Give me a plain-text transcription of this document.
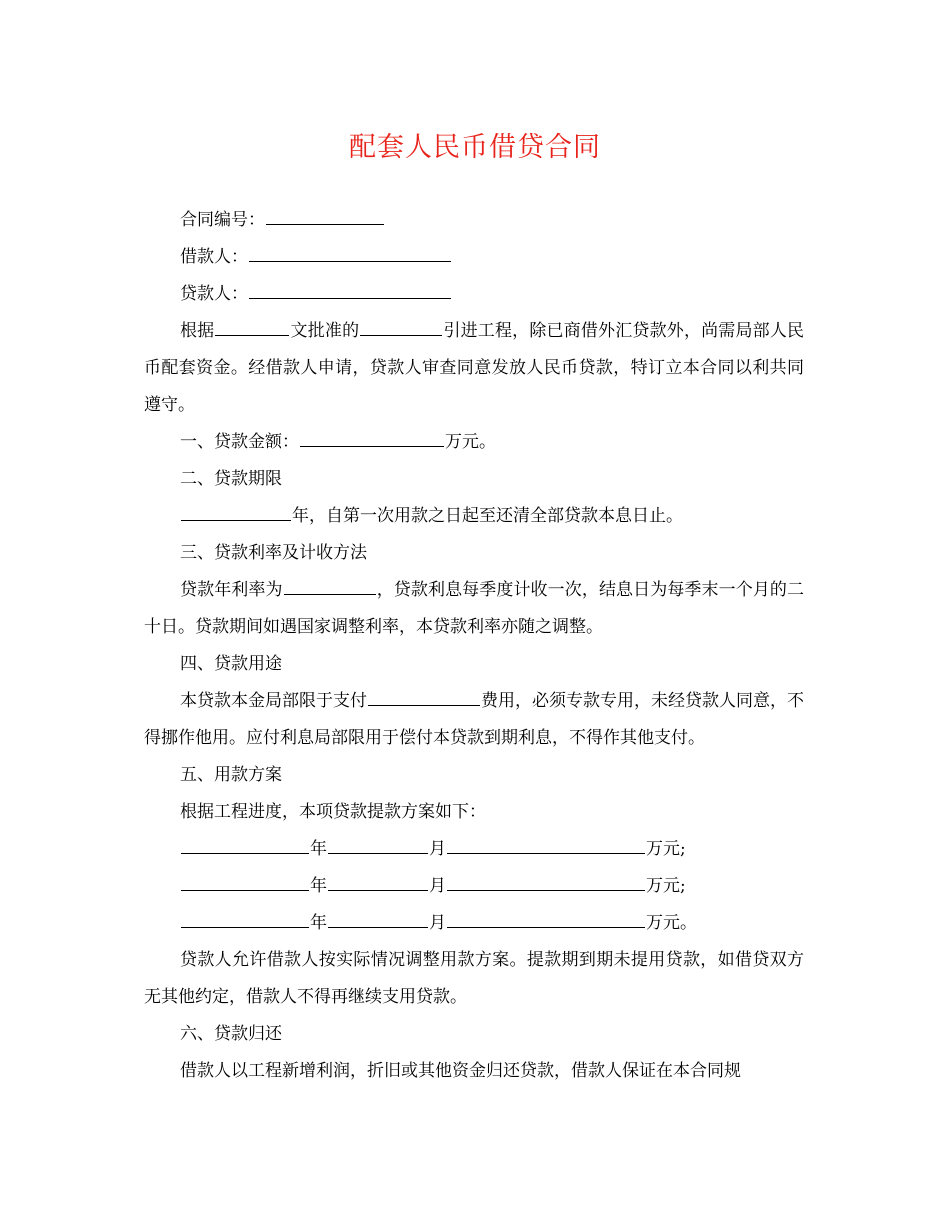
配套人民币借贷合同

合同编号：

借款人：

贷款人：

根据	文批准的	引进工程，除已商借外汇贷款外，尚需局部人民币配套资金。经借款人申请，贷款人审查同意发放人民币贷款，特订立本合同以利共同遵守。

一、贷款金额：	万元。

二、贷款期限

年，自第一次用款之日起至还清全部贷款本息日止。

三、贷款利率及计收方法

贷款年利率为	，贷款利息每季度计收一次，结息日为每季末一个月的二十日。贷款期间如遇国家调整利率，本贷款利率亦随之调整。

四、贷款用途

本贷款本金局部限于支付	费用，必须专款专用，未经贷款人同意，不得挪作他用。应付利息局部限用于偿付本贷款到期利息，不得作其他支付。

五、用款方案

根据工程进度，本项贷款提款方案如下：

年	月	万元;

年	月	万元;

年	月	万元。

贷款人允许借款人按实际情况调整用款方案。提款期到期未提用贷款，如借贷双方无其他约定，借款人不得再继续支用贷款。

六、贷款归还

借款人以工程新增利润，折旧或其他资金归还贷款，借款人保证在本合同规
